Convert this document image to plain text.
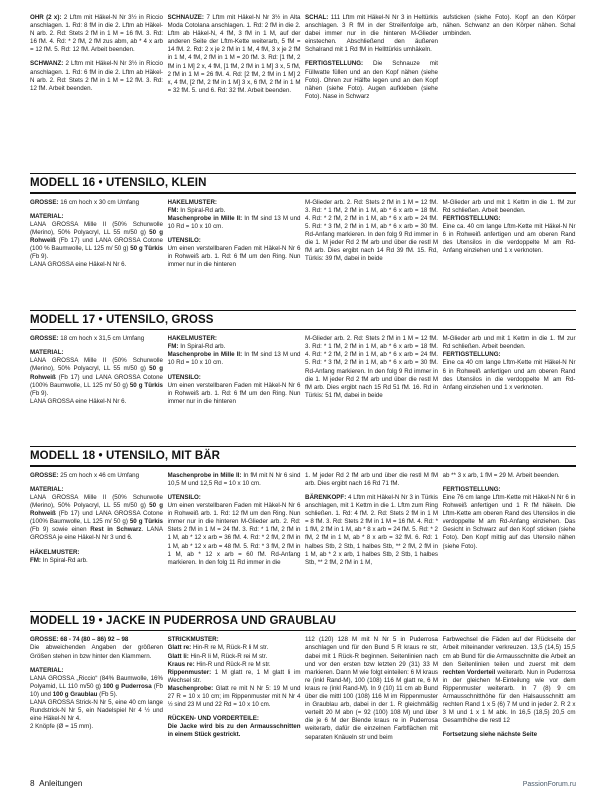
OHR (2 x): 2 Lftm mit Häkel-N Nr 3½ in Riccio anschlagen. 1. Rd: 8 fM in die 2. Lftm ab Häkel-N arb. 2. Rd: Stets 2 fM in 1 M = 16 fM. 3. Rd: 16 fM. 4. Rd: * 2 fM, 2 fM zus abm, ab * 4 x arb = 12 fM. 5. Rd: 12 fM. Arbeit beenden.
SCHWANZ: 2 Lftm mit Häkel-N Nr 3½ in Riccio anschlagen. 1. Rd: 6 fM in die 2. Lftm ab Häkel-N arb. 2. Rd: Stets 2 fM in 1 M = 12 fM. 3. Rd: 12 fM. Arbeit beenden.
SCHNAUZE: 7 Lftm mit Häkel-N Nr 3½ in Alta Moda Cotolana anschlagen. 1. Rd: 2 fM in die 2. Lftm ab Häkel-N, 4 fM, 3 fM in 1 M, auf der anderen Seite der Lftm-Kette weiterarb, 5 fM = 14 fM. 2. Rd: 2 x je 2 fM in 1 M, 4 fM, 3 x je 2 fM in 1 M, 4 fM, 2 fM in 1 M = 20 fM. 3. Rd: [1 fM, 2 fM in 1 M] 2 x, 4 fM, [1 fM, 2 fM in 1 M] 3 x, 5 fM, 2 fM in 1 M = 26 fM. 4. Rd: [2 fM, 2 fM in 1 M] 2 x, 4 fM, [2 fM, 2 fM in 1 M] 3 x, 6 fM, 2 fM in 1 M = 32 fM. 5. und 6. Rd: 32 fM. Arbeit beenden.
SCHAL: 111 Lftm mit Häkel-N Nr 3 in Heltürkis anschlagen. 3 R fM in der Streifenfolge arb, dabei immer nur in die hinteren M-Glieder einstechen. Abschließend den äußeren Schalrand mit 1 Rd fM in Hellttürkis umhäkeln.
FERTIGSTELLUNG: Die Schnauze mit Füllwatte füllen und an den Kopf nähen (siehe Foto). Ohren zur Hälfte legen und an den Kopf nähen (siehe Foto). Augen aufkleben (siehe Foto). Nase in Schwarz
aufsticken (siehe Foto). Kopf an den Körper nähen. Schwanz an den Körper nähen. Schal umbinden.
MODELL 16 • UTENSILO, KLEIN
GRÖSSE: 16 cm hoch x 30 cm Umfang
MATERIAL:
LANA GROSSA Mille II (50% Schurwolle (Merino), 50% Polyacryl, LL 55 m/50 g) 50 g Rohweiß (Fb 17) und LANA GROSSA Cotone (100 % Baumwolle, LL 125 m/ 50 g) 50 g Türkis (Fb 9).
LANA GROSSA eine Häkel-N Nr 6.
HÄKELMUSTER:
FM: In Spiral-Rd arb.
Maschenprobe in Mille II: In fM sind 13 M und 10 Rd = 10 x 10 cm.
UTENSILO:
Um einen verstellbaren Faden mit Häkel-N Nr 6 in Rohweiß arb. 1. Rd: 6 fM um den Ring. Nun immer nur in die hinteren
M-Glieder arb. 2. Rd: Stets 2 fM in 1 M = 12 fM. 3. Rd: * 1 fM, 2 fM in 1 M, ab * 6 x arb = 18 fM. 4. Rd: * 2 fM, 2 fM in 1 M, ab * 6 x arb = 24 fM. 5. Rd: * 3 fM, 2 fM in 1 M, ab * 6 x arb = 30 fM. Rd-Anfang markieren. In den folg 9 Rd immer in die 1. M jeder Rd 2 fM arb und über die restl M fM arb. Dies ergibt nach 14 Rd 39 fM. 15. Rd, Türkis: 39 fM, dabei in beide
M-Glieder arb und mit 1 Kettm in die 1. fM zur Rd schließen. Arbeit beenden.
FERTIGSTELLUNG:
Eine ca. 40 cm lange Lftm-Kette mit Häkel-N Nr 6 in Rohweiß anfertigen und am oberen Rand des Utensilos in die verdoppelte M am Rd-Anfang einziehen und 1 x verknoten.
MODELL 17 • UTENSILO, GROSS
GRÖSSE: 18 cm hoch x 31,5 cm Umfang
MATERIAL:
LANA GROSSA Mille II (50% Schurwolle (Merino), 50% Polyacryl, LL 55 m/50 g) 50 g Rohweiß (Fb 17) und LANA GROSSA Cotone (100% Baumwolle, LL 125 m/ 50 g) 50 g Türkis (Fb 9).
LANA GROSSA eine Häkel-N Nr 6.
HÄKELMUSTER:
FM: In Spiral-Rd arb.
Maschenprobe in Mille II: In fM sind 13 M und 10 Rd = 10 x 10 cm.
UTENSILO:
Um einen verstellbaren Faden mit Häkel-N Nr 6 in Rohweiß arb. 1. Rd: 6 fM um den Ring. Nun immer nur in die hinteren
M-Glieder arb. 2. Rd: Stets 2 fM in 1 M = 12 fM. 3. Rd: * 1 fM, 2 fM in 1 M, ab * 6 x arb = 18 fM. 4. Rd: * 2 fM, 2 fM in 1 M, ab * 6 x arb = 24 fM. 5. Rd: * 3 fM, 2 fM in 1 M, ab * 6 x arb = 30 fM. Rd-Anfang markieren. In den folg 9 Rd immer in die 1. M jeder Rd 2 fM arb und über die restl M fM arb. Dies ergibt nach 15 Rd 51 fM. 16. Rd in Türkis: 51 fM, dabei in beide
M-Glieder arb und mit 1 Kettm in die 1. fM zur Rd schließen. Arbeit beenden.
FERTIGSTELLUNG:
Eine ca 40 cm lange Lftm-Kette mit Häkel-N Nr 6 in Rohweiß anfertigen und am oberen Rand des Utensilos in die verdoppelte M am Rd-Anfang einziehen und 1 x verknoten.
MODELL 18 • UTENSILO, MIT BÄR
GRÖSSE: 25 cm hoch x 46 cm Umfang
MATERIAL:
LANA GROSSA Mille II (50% Schurwolle (Merino), 50% Polyacryl, LL 55 m/50 g) 50 g Rohweiß (Fb 17) und LANA GROSSA Cotone (100% Baumwolle, LL 125 m/ 50 g) 50 g Türkis (Fb 9) sowie einen Rest in Schwarz. LANA GROSSA je eine Häkel-N Nr 3 und 6.
HÄKELMUSTER:
FM: In Spiral-Rd arb.
Maschenprobe in Mille II: In fM mit N Nr 6 sind 10,5 M und 12,5 Rd = 10 x 10 cm.
UTENSILO:
Um einen verstellbaren Faden mit Häkel-N Nr 6 in Rohweiß arb. 1. Rd: 12 fM um den Ring. Nun immer nur in die hinteren M-Glieder arb. 2. Rd: Stets 2 fM in 1 M = 24 fM. 3. Rd: * 1 fM, 2 fM in 1 M, ab * 12 x arb = 36 fM. 4. Rd: * 2 fM, 2 fM in 1 M, ab * 12 x arb = 48 fM. 5. Rd: * 3 fM, 2 fM in 1 M, ab * 12 x arb = 60 fM. Rd-Anfang markieren. In den folg 11 Rd immer in die
1. M jeder Rd 2 fM arb und über die restl M fM arb. Dies ergibt nach 16 Rd 71 fM.
BÄRENKOPF: 4 Lftm mit Häkel-N Nr 3 in Türkis anschlagen, mit 1 Kettm in die 1. Lftm zum Ring schließen. 1. Rd: 4 fM. 2. Rd: Stets 2 fM in 1 M = 8 fM. 3. Rd: Stets 2 fM in 1 M = 16 fM. 4. Rd: * 1 fM, 2 fM in 1 M, ab * 8 x arb = 24 fM. 5. Rd: * 2 fM, 2 fM in 1 M, ab * 8 x arb = 32 fM. 6. Rd: 1 halbes Stb, 2 Stb, 1 halbes Stb, ** 2 fM, 2 fM in 1 M, ab * 2 x arb, 1 halbes Stb, 2 Stb, 1 halbes Stb, ** 2 fM, 2 fM in 1 M,
ab ** 3 x arb, 1 fM = 29 M. Arbeit beenden.
FERTIGSTELLUNG:
Eine 76 cm lange Lftm-Kette mit Häkel-N Nr 6 in Rohweiß anfertigen und 1 R fM häkeln. Die Lftm-Kette am oberen Rand des Utensilos in die verdoppelte M am Rd-Anfang einziehen. Das Gesicht in Schwarz auf den Kopf sticken (siehe Foto). Den Kopf mittig auf das Utensilo nähen (siehe Foto).
MODELL 19 • JACKE IN PUDERROSA UND GRAUBLAU
GRÖSSE: 68 - 74 (80 – 86) 92 – 98
Die abweichenden Angaben der größeren Größen stehen in bzw hinter den Klammern.
MATERIAL:
LANA GROSSA „Riccio“ (84% Baumwolle, 16% Polyamid, LL 110 m/50 g) 100 g Puderrosa (Fb 10) und 100 g Graublau (Fb 5).
LANA GROSSA Strick-N Nr 5, eine 40 cm lange Rundstrick-N Nr 5, ein Nadelspiel Nr 4 ½ und eine Häkel-N Nr 4.
2 Knöpfe (Ø = 15 mm).
STRICKMUSTER:
Glatt re: Hin-R re M, Rück-R li M str.
Glatt li: Hin-R li M, Rück-R rei M str.
Kraus re: Hin-R und Rück-R re M str.
Rippenmuster: 1 M glatt re, 1 M glatt li im Wechsel str.
Maschenprobe: Glatt re mit N Nr 5: 19 M und 27 R = 10 x 10 cm; im Rippenmuster mit N Nr 4 ½ sind 23 M und 22 Rd = 10 x 10 cm.
RÜCKEN- UND VORDERTEILE:
Die Jacke wird bis zu den Armausschnitten in einem Stück gestrickt.
112 (120) 128 M mit N Nr 5 in Puderrosa anschlagen und für den Bund 5 R kraus re str, dabei mit 1 Rück-R beginnen. Seitenlinien nach und vor den ersten bzw letzten 29 (31) 33 M markieren. Dann M wie folgt einteilen: 6 M kraus re (inkl Rand-M), 100 (108) 116 M glatt re, 6 M kraus re (inkl Rand-M). In 9 (10) 11 cm ab Bund über die mittl 100 (108) 116 M im Rippenmuster in Graublau arb, dabei in der 1. R gleichmäßig verteilt 20 M abn (= 92 (100) 108 M) und über die je 6 M der Blende kraus re in Puderrosa weiterarb, dafür die einzelnen Farbflächen mit separaten Knäueln str und beim
Farbwechsel die Fäden auf der Rückseite der Arbeit miteinander verkreuzen. 13,5 (14,5) 15,5 cm ab Bund für die Armausschnitte die Arbeit an den Seitenlinien teilen und zuerst mit dem rechten Vorderteil weiterarb. Nun in Puderrosa in der gleichen M-Einteilung wie vor dem Rippenmuster weiterarb. In 7 (8) 9 cm Armausschnitthöhe für den Halsausschnitt am rechten Rand 1 x 5 (6) 7 M und in jeder 2. R 2 x 3 M und 1 x 1 M abk. In 16,5 (18,5) 20,5 cm Gesamthöhe die restl 12
Fortsetzung siehe nächste Seite
8 Anleitungen	PassionForum.ru
